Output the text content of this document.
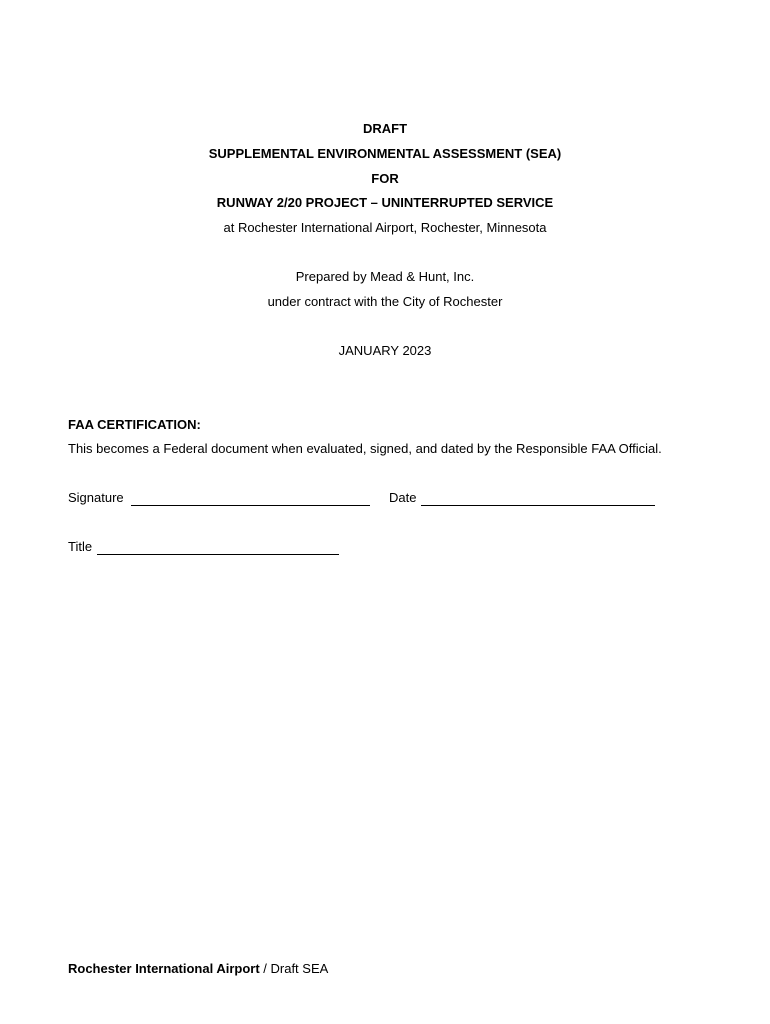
DRAFT
SUPPLEMENTAL ENVIRONMENTAL ASSESSMENT (SEA)
FOR
RUNWAY 2/20 PROJECT – UNINTERRUPTED SERVICE
at Rochester International Airport, Rochester, Minnesota
Prepared by Mead & Hunt, Inc.
under contract with the City of Rochester
JANUARY 2023
FAA CERTIFICATION:
This becomes a Federal document when evaluated, signed, and dated by the Responsible FAA Official.
Signature	Date
Title
Rochester International Airport / Draft SEA
